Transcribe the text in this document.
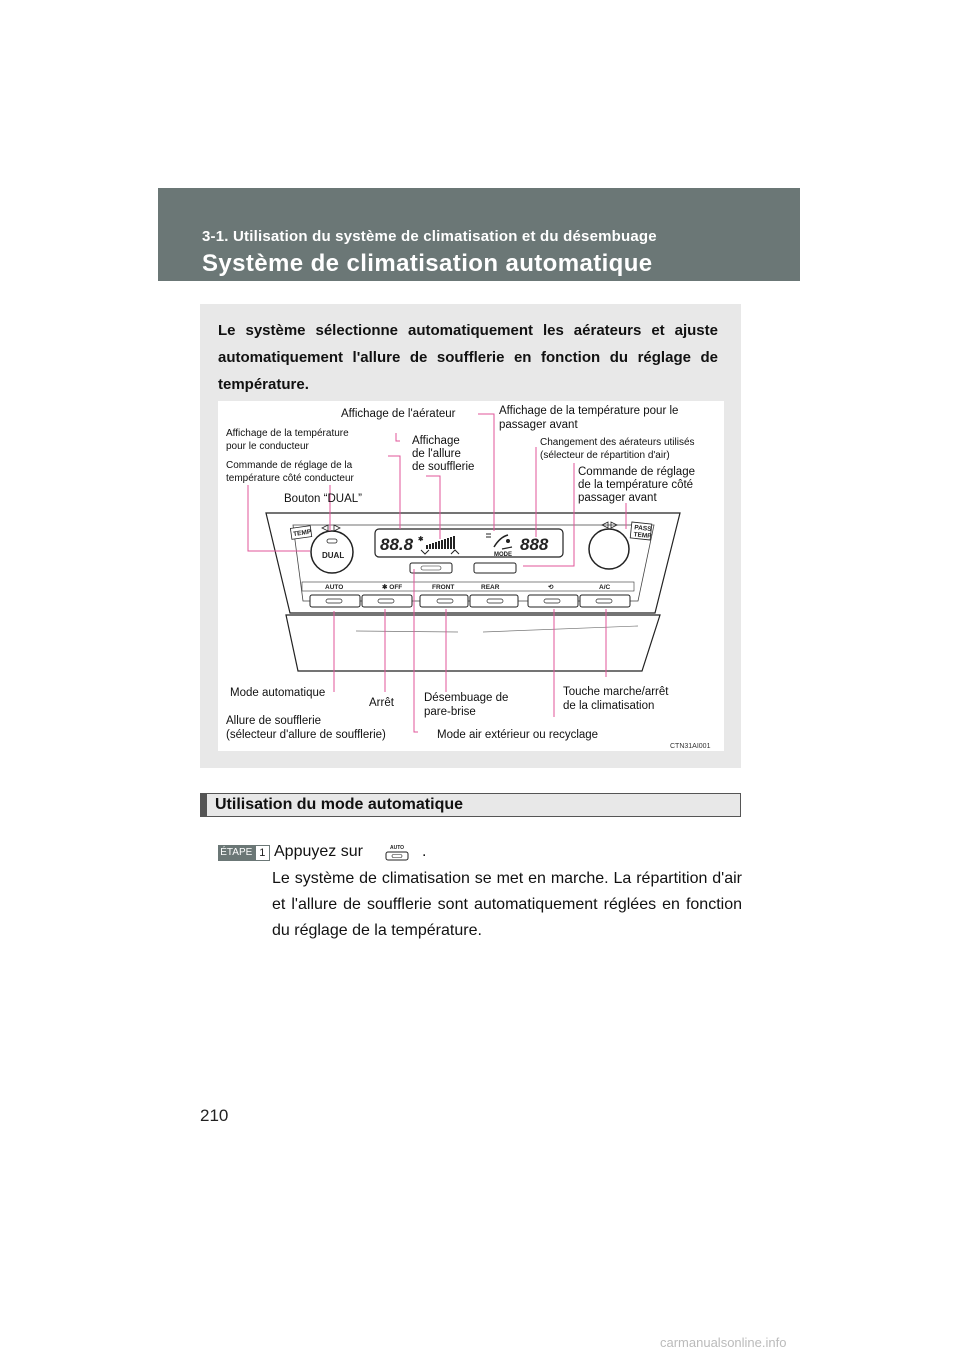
210
3-1. Utilisation du système de climatisation et du désembuage
Système de climatisation automatique
Le système sélectionne automatiquement les aérateurs et ajuste automatiquement l'allure de soufflerie en fonction du réglage de température.
TEMP
DUAL
88.8 ✱
MODE
888
PASS
TEMP
AUTO	✱ OFF	FRONT	REAR	⟲	A/C
Affichage de l'aérateur	Affichage de la température pour le
passager avant
Affichage de la température
pour le conducteur	Affichage
de l'allure
de soufflerie
Changement des aérateurs utilisés
(sélecteur de répartition d'air)
Commande de réglage de la
température côté conducteur
Commande de réglage
de la température côté
passager avant
Bouton “DUAL”
Mode automatique
Arrêt	Désembuage de
pare-brise
Touche marche/arrêt
de la climatisation
Allure de soufflerie
(sélecteur d'allure de soufflerie)	Mode air extérieur ou recyclage
CTN31AI001
Utilisation du mode automatique
ÉTAPE 1 Appuyez sur	AUTO .
Le système de climatisation se met en marche. La répartition d'air et l'allure de soufflerie sont automatiquement réglées en fonction du réglage de la température.
carmanualsonline.info
